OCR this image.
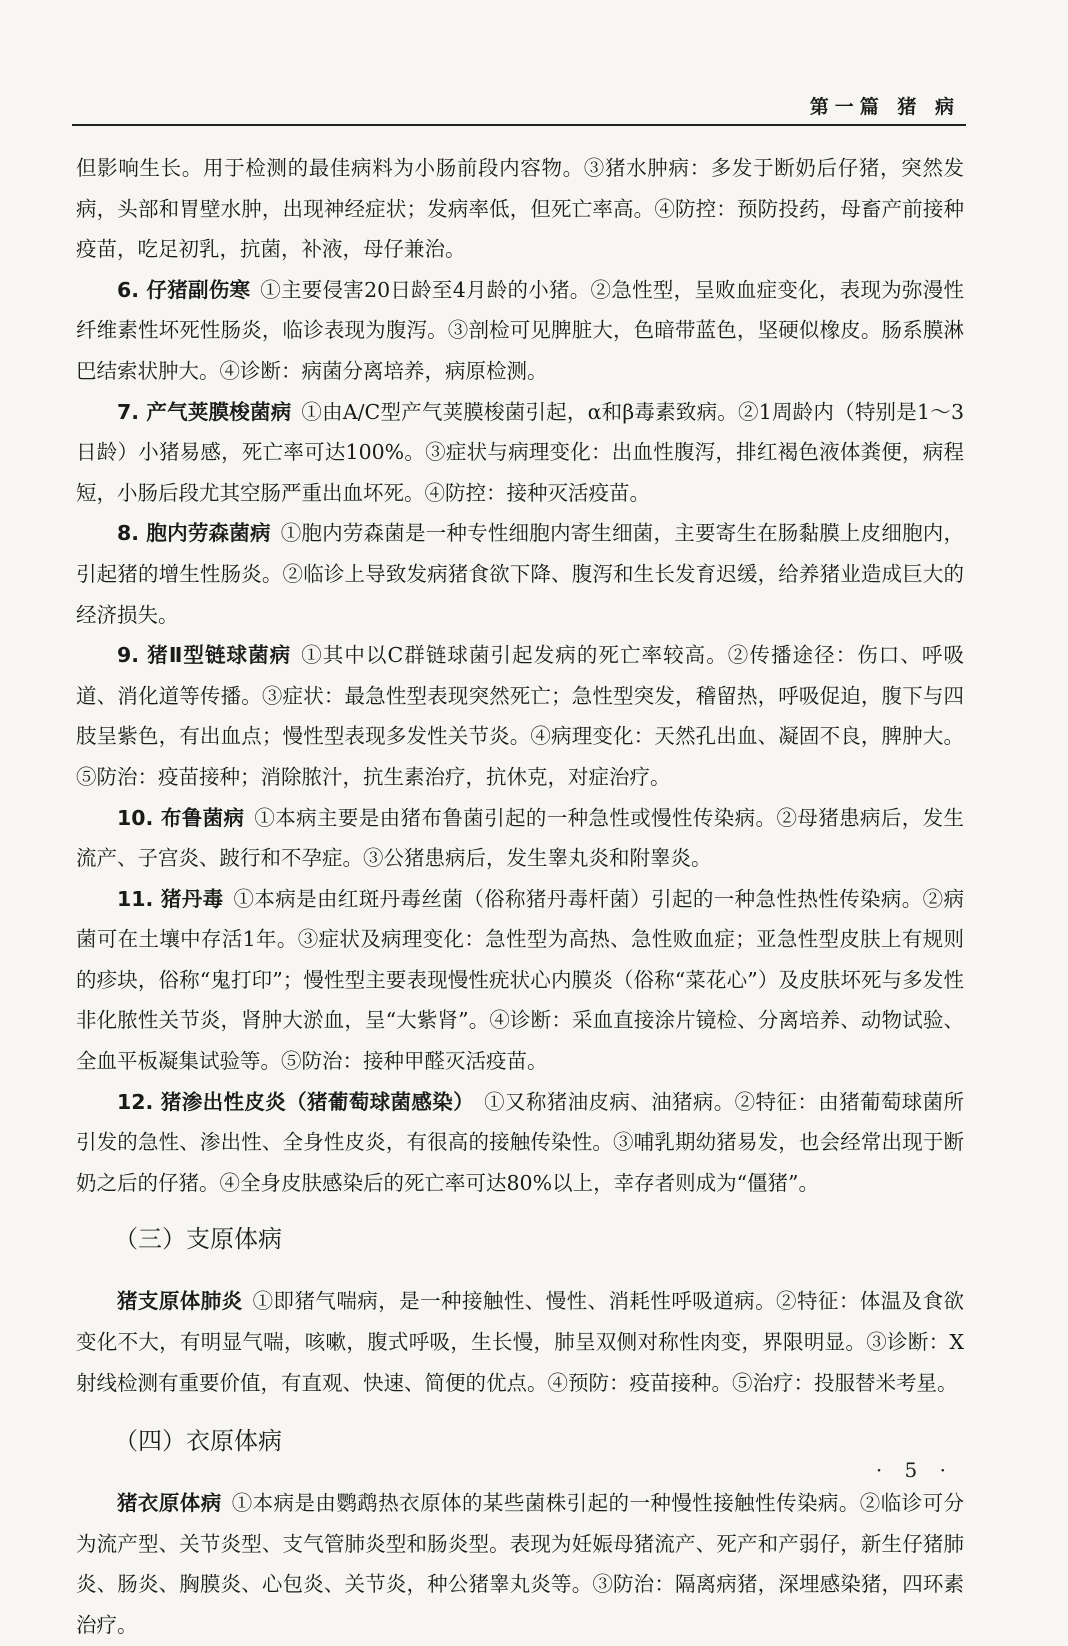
第一篇 猪 病

但影响生长。用于检测的最佳病料为小肠前段内容物。③猪水肿病：多发于断奶后仔猪，突然发病，头部和胃壁水肿，出现神经症状；发病率低，但死亡率高。④防控：预防投药，母畜产前接种疫苗，吃足初乳，抗菌，补液，母仔兼治。

6. 仔猪副伤寒 ①主要侵害20日龄至4月龄的小猪。②急性型，呈败血症变化，表现为弥漫性纤维素性坏死性肠炎，临诊表现为腹泻。③剖检可见脾脏大，色暗带蓝色，坚硬似橡皮。肠系膜淋巴结索状肿大。④诊断：病菌分离培养，病原检测。

7. 产气荚膜梭菌病 ①由A/C型产气荚膜梭菌引起，α和β毒素致病。②1周龄内（特别是1～3日龄）小猪易感，死亡率可达100%。③症状与病理变化：出血性腹泻，排红褐色液体粪便，病程短，小肠后段尤其空肠严重出血坏死。④防控：接种灭活疫苗。

8. 胞内劳森菌病 ①胞内劳森菌是一种专性细胞内寄生细菌，主要寄生在肠黏膜上皮细胞内，引起猪的增生性肠炎。②临诊上导致发病猪食欲下降、腹泻和生长发育迟缓，给养猪业造成巨大的经济损失。

9. 猪Ⅱ型链球菌病 ①其中以C群链球菌引起发病的死亡率较高。②传播途径：伤口、呼吸道、消化道等传播。③症状：最急性型表现突然死亡；急性型突发，稽留热，呼吸促迫，腹下与四肢呈紫色，有出血点；慢性型表现多发性关节炎。④病理变化：天然孔出血、凝固不良，脾肿大。⑤防治：疫苗接种；消除脓汁，抗生素治疗，抗休克，对症治疗。

10. 布鲁菌病 ①本病主要是由猪布鲁菌引起的一种急性或慢性传染病。②母猪患病后，发生流产、子宫炎、跛行和不孕症。③公猪患病后，发生睾丸炎和附睾炎。

11. 猪丹毒 ①本病是由红斑丹毒丝菌（俗称猪丹毒杆菌）引起的一种急性热性传染病。②病菌可在土壤中存活1年。③症状及病理变化：急性型为高热、急性败血症；亚急性型皮肤上有规则的疹块，俗称“鬼打印”；慢性型主要表现慢性疣状心内膜炎（俗称“菜花心”）及皮肤坏死与多发性非化脓性关节炎，肾肿大淤血，呈“大紫肾”。④诊断：采血直接涂片镜检、分离培养、动物试验、全血平板凝集试验等。⑤防治：接种甲醛灭活疫苗。

12. 猪渗出性皮炎（猪葡萄球菌感染） ①又称猪油皮病、油猪病。②特征：由猪葡萄球菌所引发的急性、渗出性、全身性皮炎，有很高的接触传染性。③哺乳期幼猪易发，也会经常出现于断奶之后的仔猪。④全身皮肤感染后的死亡率可达80%以上，幸存者则成为“僵猪”。

（三）支原体病

猪支原体肺炎 ①即猪气喘病，是一种接触性、慢性、消耗性呼吸道病。②特征：体温及食欲变化不大，有明显气喘，咳嗽，腹式呼吸，生长慢，肺呈双侧对称性肉变，界限明显。③诊断：X射线检测有重要价值，有直观、快速、简便的优点。④预防：疫苗接种。⑤治疗：投服替米考星。

（四）衣原体病

猪衣原体病 ①本病是由鹦鹉热衣原体的某些菌株引起的一种慢性接触性传染病。②临诊可分为流产型、关节炎型、支气管肺炎型和肠炎型。表现为妊娠母猪流产、死产和产弱仔，新生仔猪肺炎、肠炎、胸膜炎、心包炎、关节炎，种公猪睾丸炎等。③防治：隔离病猪，深埋感染猪，四环素治疗。

· 5 ·
